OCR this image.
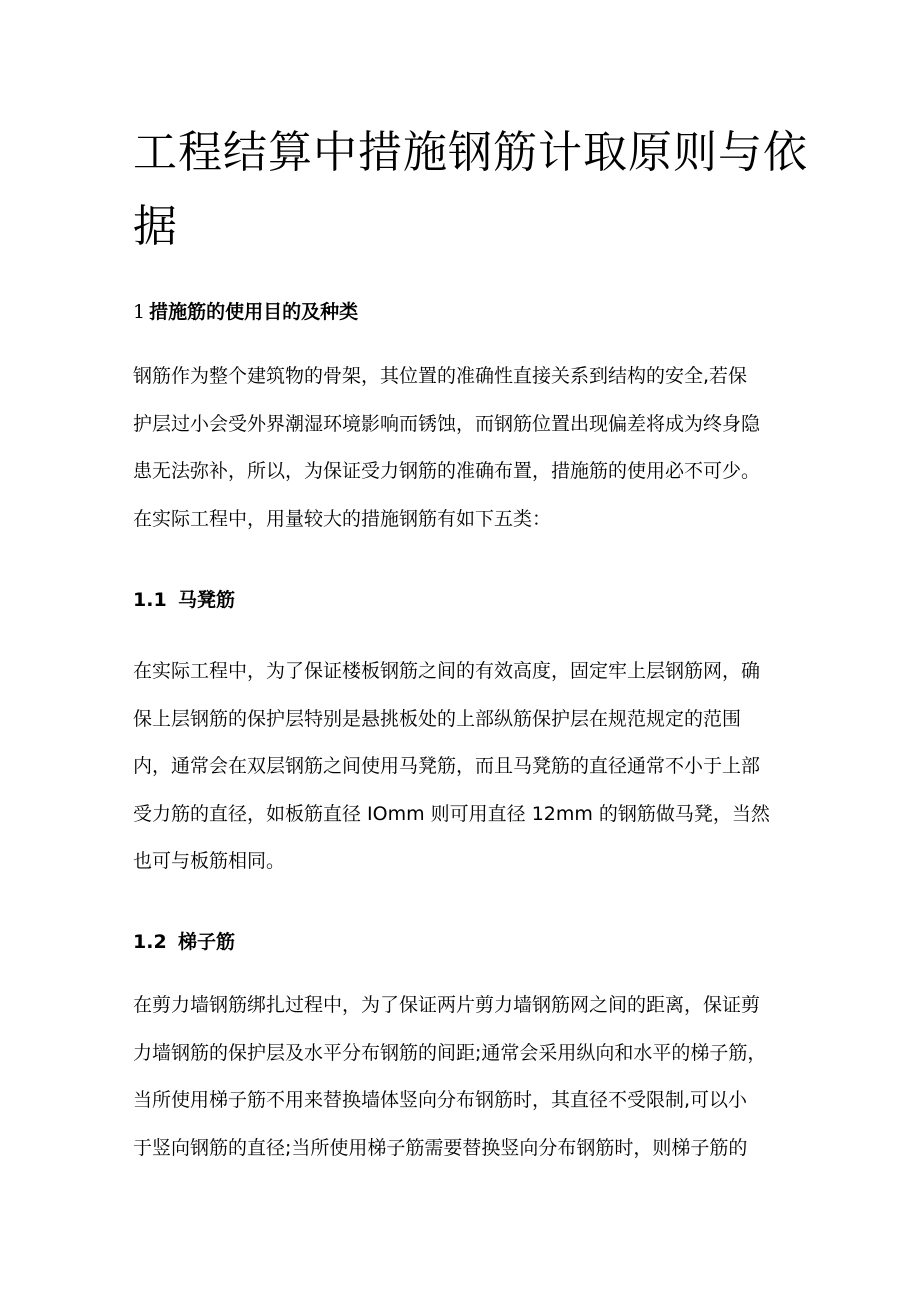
工程结算中措施钢筋计取原则与依据
1 措施筋的使用目的及种类

钢筋作为整个建筑物的骨架，其位置的准确性直接关系到结构的安全,若保
护层过小会受外界潮湿环境影响而锈蚀，而钢筋位置出现偏差将成为终身隐
患无法弥补，所以，为保证受力钢筋的准确布置，措施筋的使用必不可少。
在实际工程中，用量较大的措施钢筋有如下五类：

1.1 马凳筋

在实际工程中，为了保证楼板钢筋之间的有效高度，固定牢上层钢筋网，确
保上层钢筋的保护层特别是悬挑板处的上部纵筋保护层在规范规定的范围
内，通常会在双层钢筋之间使用马凳筋，而且马凳筋的直径通常不小于上部
受力筋的直径，如板筋直径 IOmm 则可用直径 12mm 的钢筋做马凳，当然
也可与板筋相同。

1.2 梯子筋

在剪力墙钢筋绑扎过程中，为了保证两片剪力墙钢筋网之间的距离，保证剪
力墙钢筋的保护层及水平分布钢筋的间距;通常会采用纵向和水平的梯子筋，
当所使用梯子筋不用来替换墙体竖向分布钢筋时，其直径不受限制,可以小
于竖向钢筋的直径;当所使用梯子筋需要替换竖向分布钢筋时，则梯子筋的
